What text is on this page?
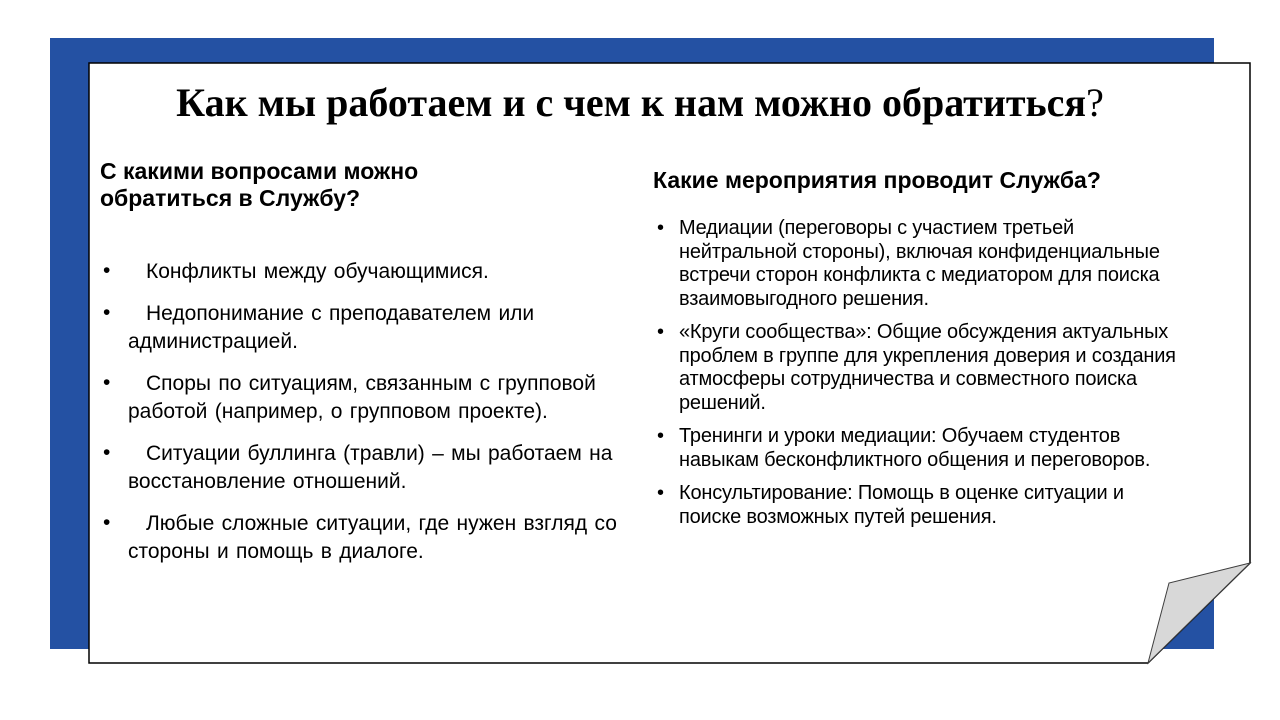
Как мы работаем и с чем к нам можно обратиться?
С какими вопросами можно обратиться в Службу?
•	Конфликты между обучающимися.
•	Недопонимание с преподавателем или администрацией.
•	Споры по ситуациям, связанным с групповой работой (например, о групповом проекте).
•	Ситуации буллинга (травли) – мы работаем на восстановление отношений.
•	Любые сложные ситуации, где нужен взгляд со стороны и помощь в диалоге.
Какие мероприятия проводит Служба?
• Медиации (переговоры с участием третьей нейтральной стороны), включая конфиденциальные встречи сторон конфликта с медиатором для поиска взаимовыгодного решения.
• «Круги сообщества»: Общие обсуждения актуальных проблем в группе для укрепления доверия и создания атмосферы сотрудничества и совместного поиска решений.
• Тренинги и уроки медиации: Обучаем студентов навыкам бесконфликтного общения и переговоров.
• Консультирование: Помощь в оценке ситуации и поиске возможных путей решения.
